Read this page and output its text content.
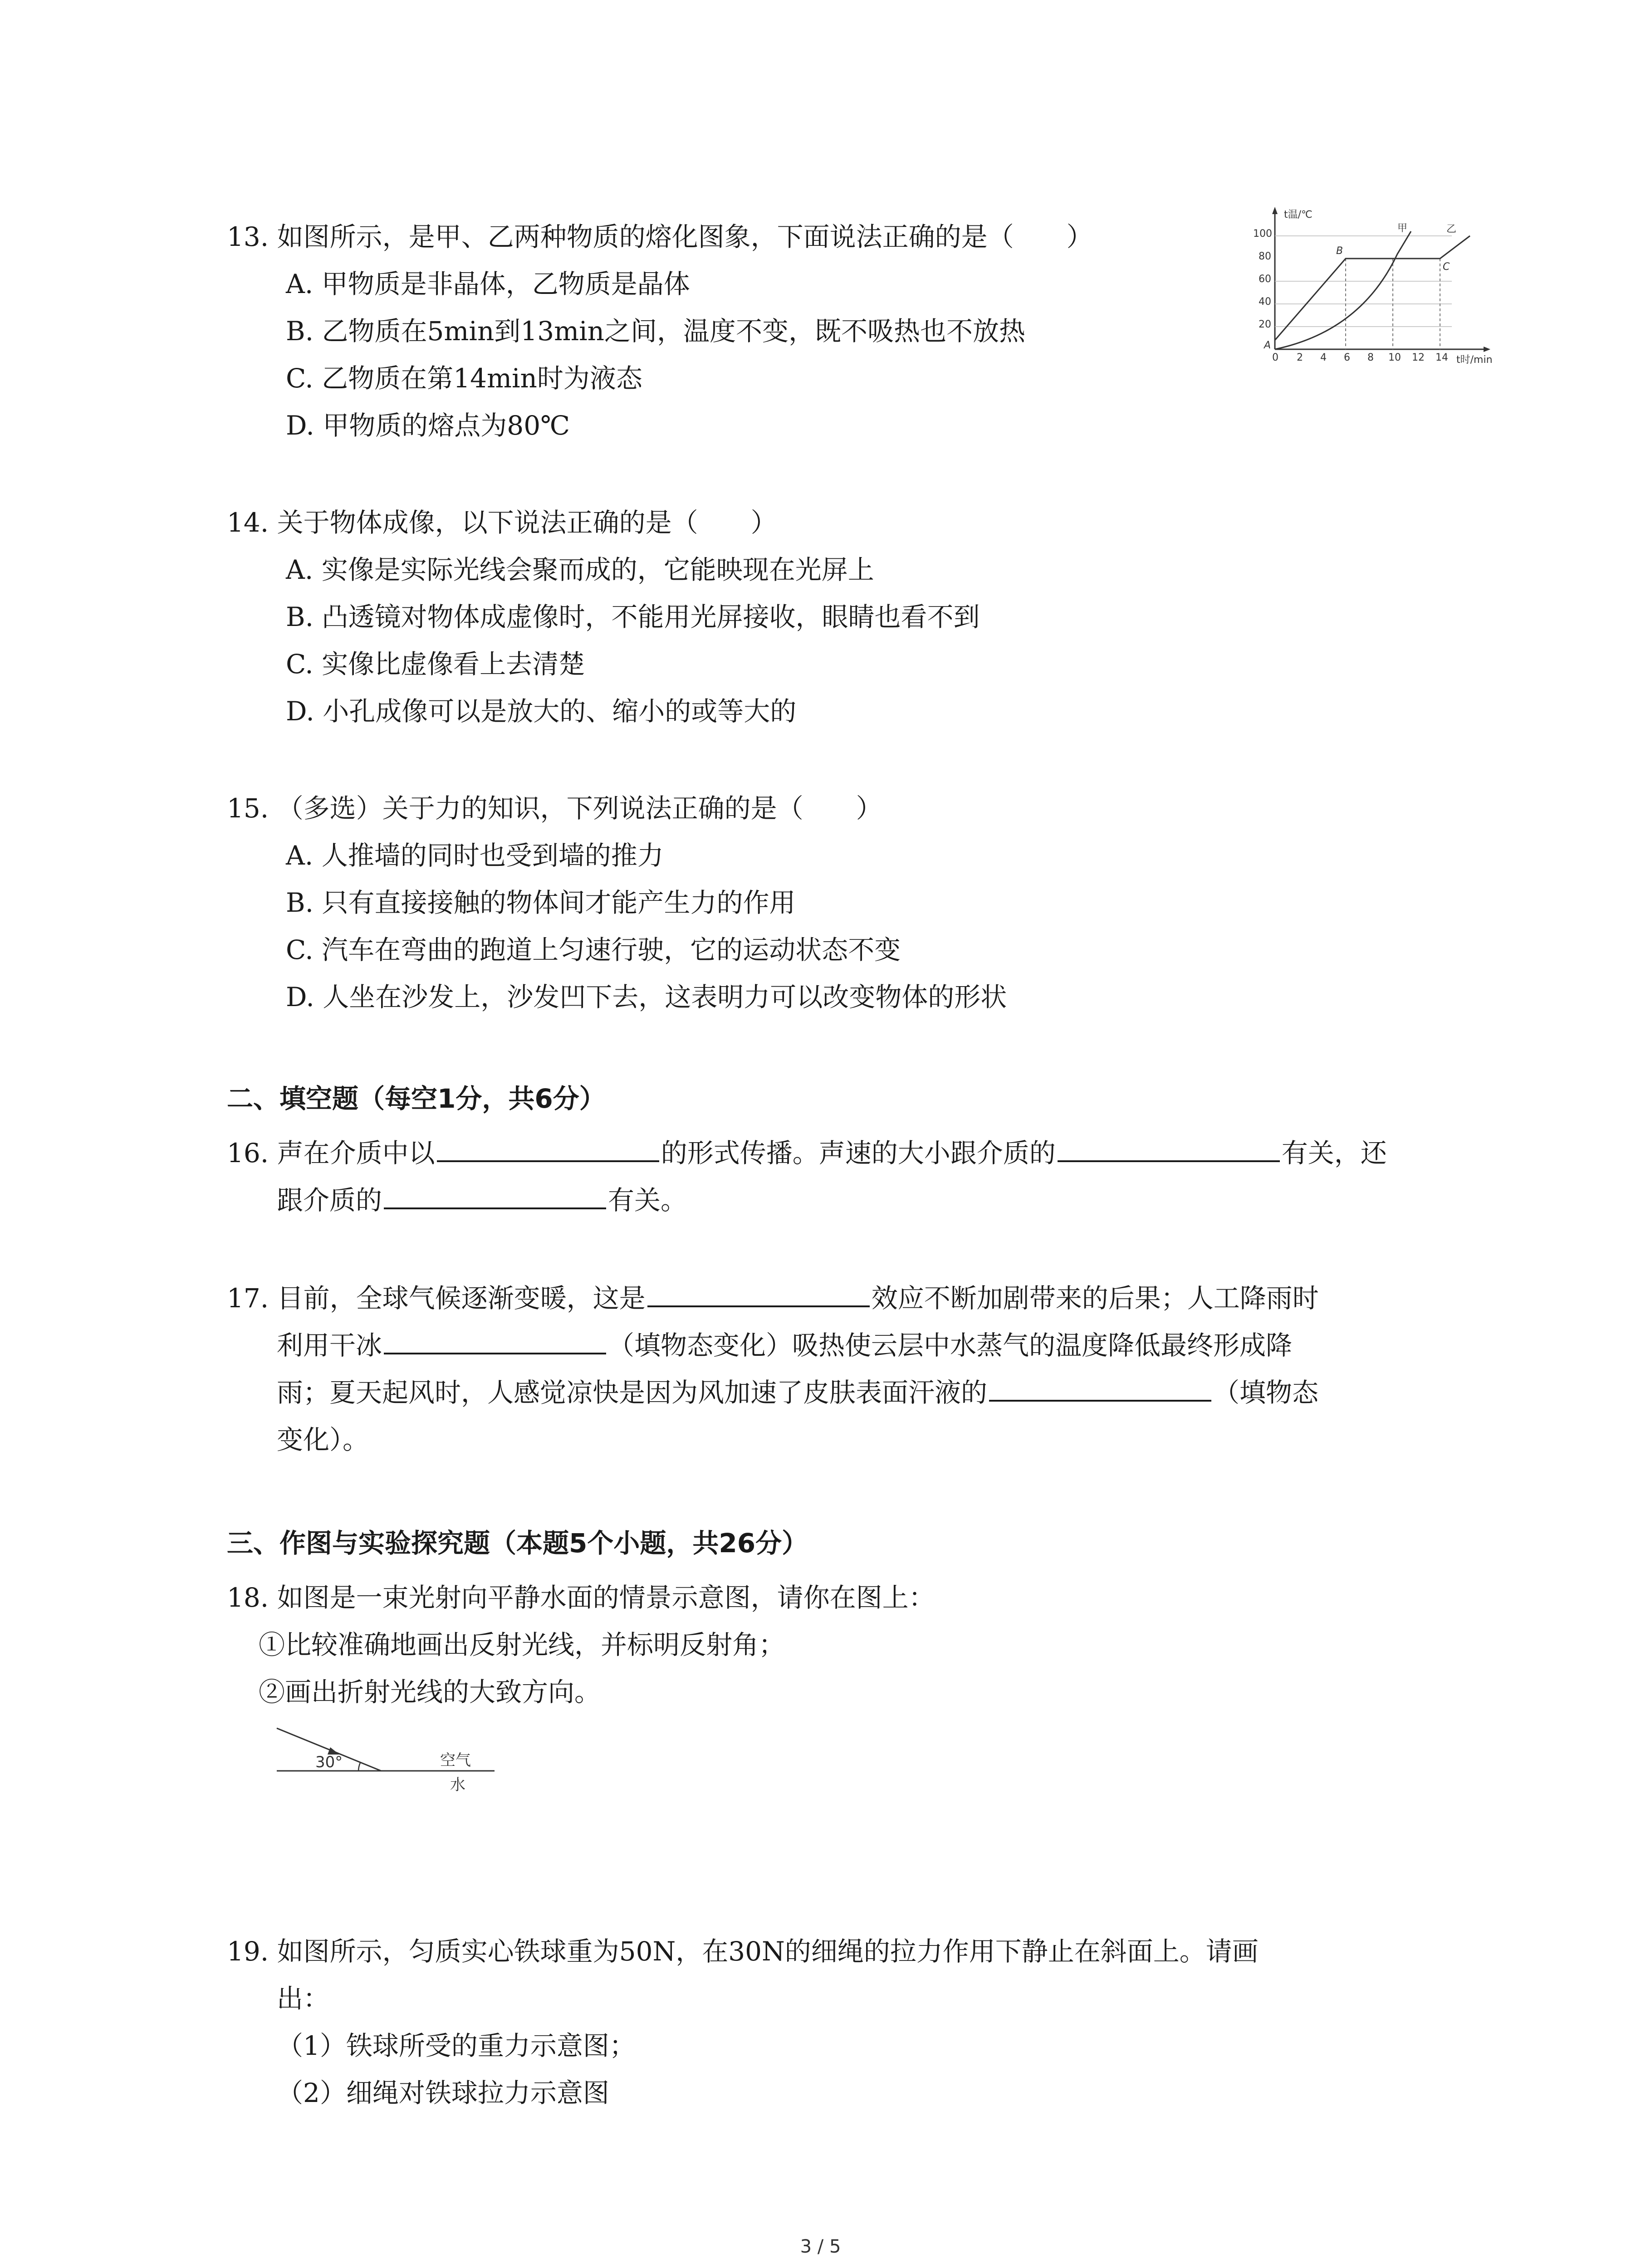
13. 如图所示，是甲、乙两种物质的熔化图象，下面说法正确的是（　　）
A. 甲物质是非晶体，乙物质是晶体
B. 乙物质在5min到13min之间，温度不变，既不吸热也不放热
C. 乙物质在第14min时为液态
D. 甲物质的熔点为80℃
t温/℃
t时/min
100
80
60
40
20
0 2 4 6 8 10 12 14
A
B
C
甲	乙
14. 关于物体成像，以下说法正确的是（　　）
A. 实像是实际光线会聚而成的，它能映现在光屏上
B. 凸透镜对物体成虚像时，不能用光屏接收，眼睛也看不到
C. 实像比虚像看上去清楚
D. 小孔成像可以是放大的、缩小的或等大的
15. （多选）关于力的知识，下列说法正确的是（　　）
A. 人推墙的同时也受到墙的推力
B. 只有直接接触的物体间才能产生力的作用
C. 汽车在弯曲的跑道上匀速行驶，它的运动状态不变
D. 人坐在沙发上，沙发凹下去，这表明力可以改变物体的形状
二、填空题（每空1分，共6分）
16. 声在介质中以	的形式传播。声速的大小跟介质的	有关，还
跟介质的	有关。
17. 目前，全球气候逐渐变暖，这是	效应不断加剧带来的后果；人工降雨时
利用干冰	（填物态变化）吸热使云层中水蒸气的温度降低最终形成降
雨；夏天起风时，人感觉凉快是因为风加速了皮肤表面汗液的	（填物态
变化）。
三、作图与实验探究题（本题5个小题，共26分）
18. 如图是一束光射向平静水面的情景示意图，请你在图上：
①比较准确地画出反射光线，并标明反射角；
②画出折射光线的大致方向。
30°	空气
水
19. 如图所示，匀质实心铁球重为50N，在30N的细绳的拉力作用下静止在斜面上。请画
出：
（1）铁球所受的重力示意图；
（2）细绳对铁球拉力示意图
3 / 5
